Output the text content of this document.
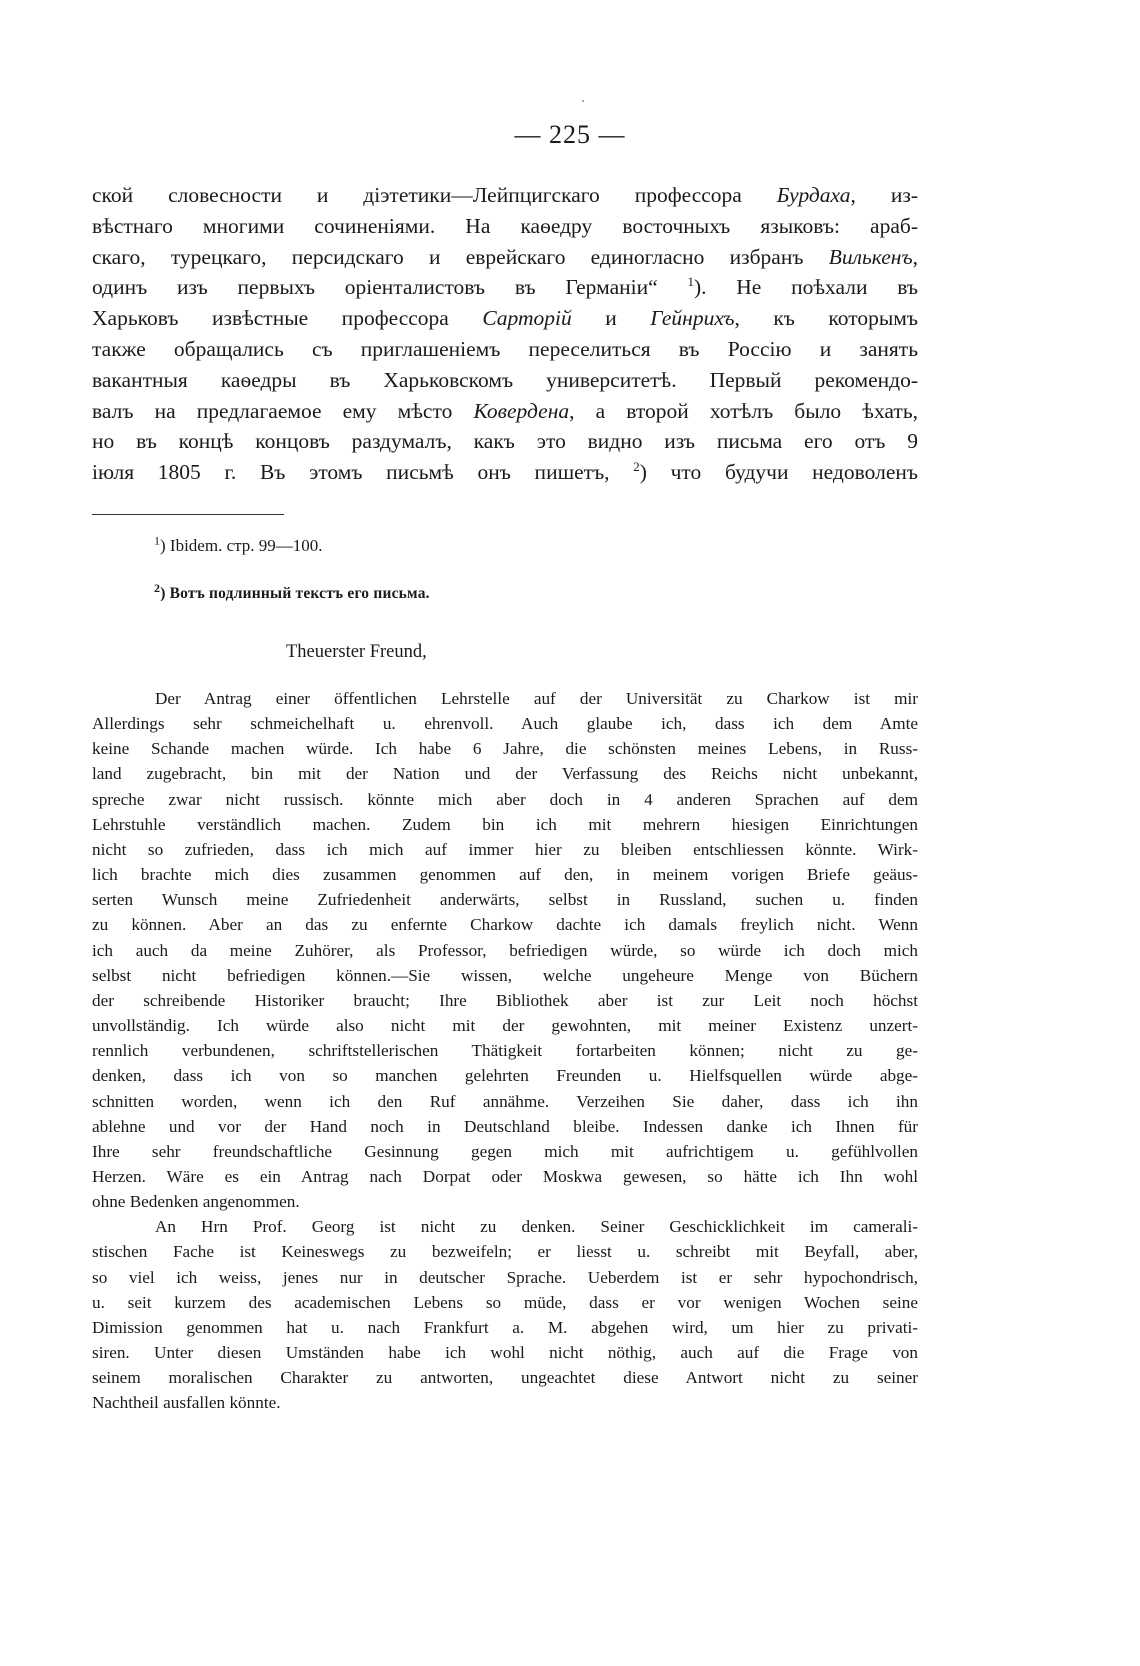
— 225 —
ской словесности и діэтетики—Лейпцигскаго профессора Бурдаха, из-
вѣстнаго многими сочиненіями. На каѳедру восточныхъ языковъ: араб-
скаго, турецкаго, персидскаго и еврейскаго единогласно избранъ Вилькенъ,
одинъ изъ первыхъ оріенталистовъ въ Германіи“ $^1$). Не поѣхали въ
Харьковъ извѣстные профессора Сарторій и Гейнрихъ, къ которымъ
также обращались съ приглашеніемъ переселиться въ Россію и занять
вакантныя каѳедры въ Харьковскомъ университетѣ. Первый рекомендо-
валъ на предлагаемое ему мѣсто Коверденa, а второй хотѣлъ было ѣхать,
но въ концѣ концовъ раздумалъ, какъ это видно изъ письма его отъ 9
іюля 1805 г. Въ этомъ письмѣ онъ пишетъ, $^2$) что будучи недоволенъ
$^1$) Ibidem. стр. 99—100.
$^2$) Вотъ подлинный текстъ его письма.
Theuerster Freund,
Der Antrag einer öffentlichen Lehrstelle auf der Universität zu Charkow ist mir
Allerdings sehr schmeichelhaft u. ehrenvoll. Auch glaube ich, dass ich dem Amte
keine Schande machen würde. Ich habe 6 Jahre, die schönsten meines Lebens, in Russ-
land zugebracht, bin mit der Nation und der Verfassung des Reichs nicht unbekannt,
spreche zwar nicht russisch. könnte mich aber doch in 4 anderen Sprachen auf dem
Lehrstuhle verständlich machen. Zudem bin ich mit mehrern hiesigen Einrichtungen
nicht so zufrieden, dass ich mich auf immer hier zu bleiben entschliessen könnte. Wirk-
lich brachte mich dies zusammen genommen auf den, in meinem vorigen Briefe geäus-
serten Wunsch meine Zufriedenheit anderwärts, selbst in Russland, suchen u. finden
zu können. Aber an das zu enfernte Charkow dachte ich damals freylich nicht. Wenn
ich auch da meine Zuhörer, als Professor, befriedigen würde, so würde ich doch mich
selbst nicht befriedigen können.—Sie wissen, welche ungeheure Menge von Büchern
der schreibende Historiker braucht; Ihre Bibliothek aber ist zur Leit noch höchst
unvollständig. Ich würde also nicht mit der gewohnten, mit meiner Existenz unzert-
rennlich verbundenen, schriftstellerischen Thätigkeit fortarbeiten können; nicht zu ge-
denken, dass ich von so manchen gelehrten Freunden u. Hielfsquellen würde abge-
schnitten worden, wenn ich den Ruf annähme. Verzeihen Sie daher, dass ich ihn
ablehne und vor der Hand noch in Deutschland bleibe. Indessen danke ich Ihnen für
Ihre sehr freundschaftliche Gesinnung gegen mich mit aufrichtigem u. gefühlvollen
Herzen. Wäre es ein Antrag nach Dorpat oder Moskwa gewesen, so hätte ich Ihn wohl
ohne Bedenken angenommen.
An Hrn Prof. Georg ist nicht zu denken. Seiner Geschicklichkeit im camerali-
stischen Fache ist Keineswegs zu bezweifeln; er liesst u. schreibt mit Beyfall, aber,
so viel ich weiss, jenes nur in deutscher Sprache. Ueberdem ist er sehr hypochondrisch,
u. seit kurzem des academischen Lebens so müde, dass er vor wenigen Wochen seine
Dimission genommen hat u. nach Frankfurt a. M. abgehen wird, um hier zu privati-
siren. Unter diesen Umständen habe ich wohl nicht nöthig, auch auf die Frage von
seinem moralischen Charakter zu antworten, ungeachtet diese Antwort nicht zu seiner
Nachtheil ausfallen könnte.
